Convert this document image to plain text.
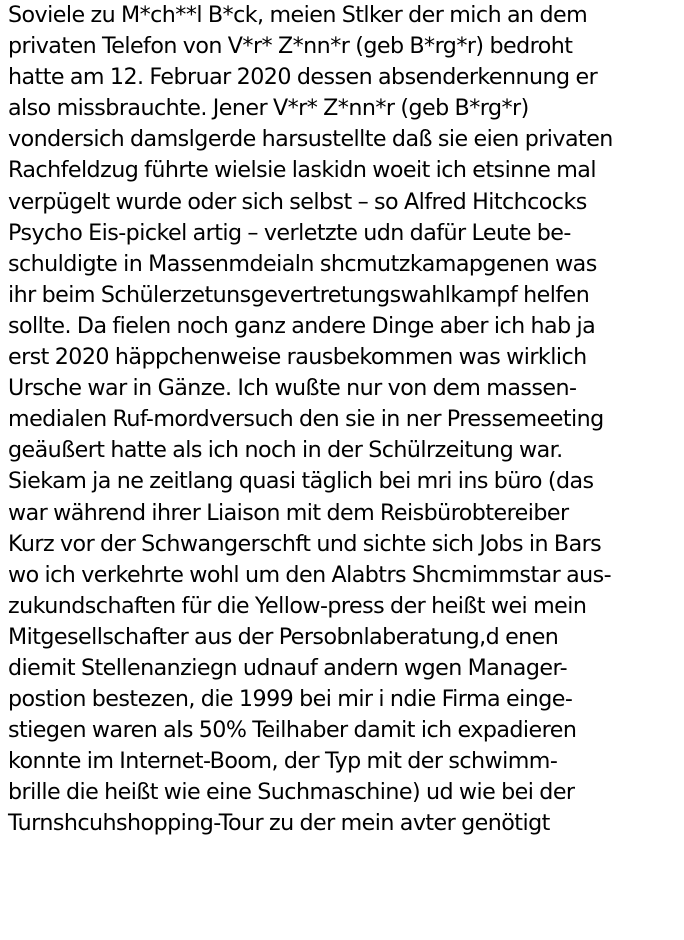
Soviele zu M*ch**l B*ck, meien Stlker der mich an dem
privaten Telefon von V*r* Z*nn*r (geb B*rg*r) bedroht
hatte am 12. Februar 2020 dessen absenderkennung er
also missbrauchte. Jener V*r* Z*nn*r (geb B*rg*r)
vondersich damslgerde harsustellte daß sie eien privaten
Rachfeldzug führte wielsie laskidn woeit ich etsinne mal
verpügelt wurde oder sich selbst – so Alfred Hitchcocks
Psycho Eis-pickel artig – verletzte udn dafür Leute be-
schuldigte in Massenmdeialn shcmutzkamapgenen was
ihr beim Schülerzetunsgevertretungswahlkampf helfen
sollte. Da fielen noch ganz andere Dinge aber ich hab ja
erst 2020 häppchenweise rausbekommen was wirklich
Ursche war in Gänze. Ich wußte nur von dem massen-
medialen Ruf-mordversuch den sie in ner Pressemeeting
geäußert hatte als ich noch in der Schülrzeitung war.
Siekam ja ne zeitlang quasi täglich bei mri ins büro (das
war während ihrer Liaison mit dem Reisbürobtereiber
Kurz vor der Schwangerschft und sichte sich Jobs in Bars
wo ich verkehrte wohl um den Alabtrs Shcmimmstar aus-
zukundschaften für die Yellow-press der heißt wei mein
Mitgesellschafter aus der Persobnlaberatung,d enen
diemit Stellenanziegn udnauf andern wgen Manager-
postion bestezen, die 1999 bei mir i ndie Firma einge-
stiegen waren als 50% Teilhaber damit ich expadieren
konnte im Internet-Boom, der Typ mit der schwimm-
brille die heißt wie eine Suchmaschine) ud wie bei der
Turnshcuhshopping-Tour zu der mein avter genötigt
